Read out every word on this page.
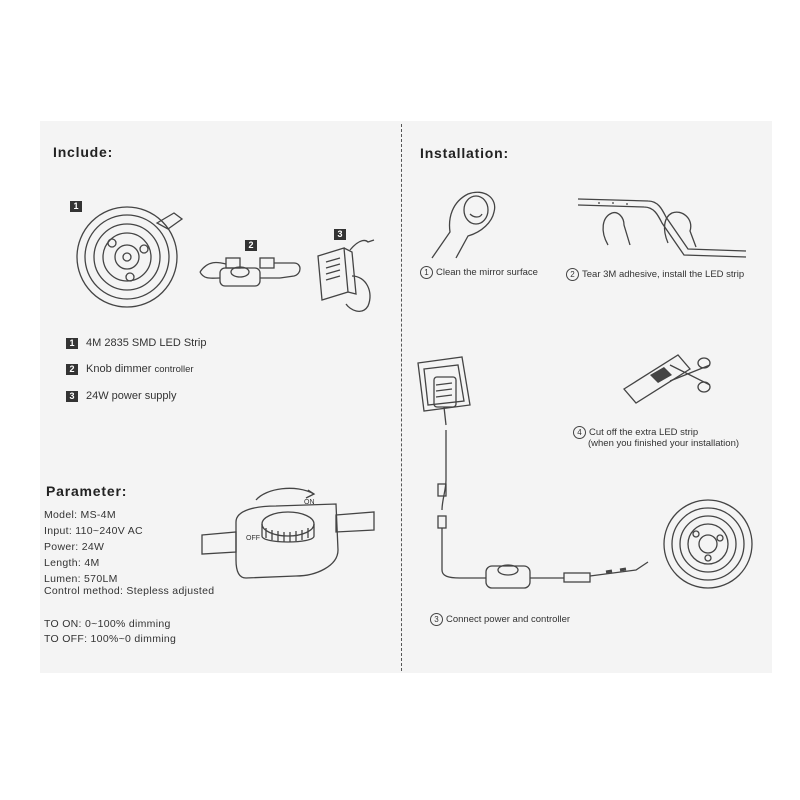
Include:
1
2
3
1	4M 2835 SMD LED Strip
2	Knob dimmer controller
3	24W power supply
Parameter:
Model: MS-4M
Input: 110~240V AC
Power: 24W
Length: 4M
Lumen: 570LM
Control method: Stepless adjusted
TO ON: 0~100% dimming
TO OFF: 100%~0 dimming
OFF
ON
Installation:
1 Clean the mirror surface	2 Tear 3M adhesive, install the LED strip
4 Cut off the extra LED strip
(when you finished your installation)
3 Connect power and controller
